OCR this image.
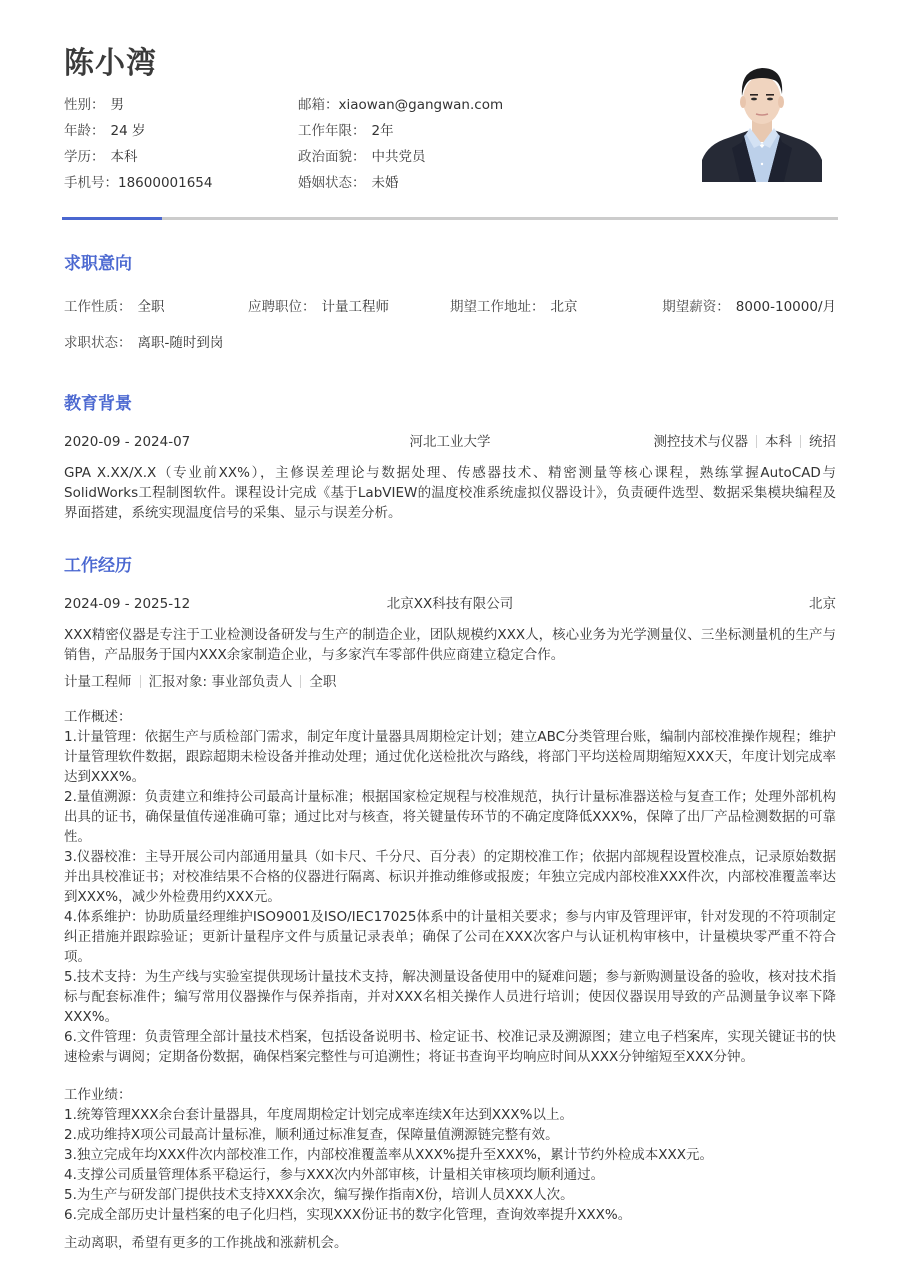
陈小湾
性别： 男
年龄： 24 岁
学历： 本科
手机号：18600001654
邮箱：xiaowan@gangwan.com
工作年限： 2年
政治面貌： 中共党员
婚姻状态： 未婚
求职意向
工作性质： 全职	应聘职位： 计量工程师	期望工作地址： 北京	期望薪资： 8000-10000/月
求职状态： 离职-随时到岗
教育背景
2020-09 - 2024-07	河北工业大学	测控技术与仪器 本科 统招
GPA X.XX/X.X（专业前XX%），主修误差理论与数据处理、传感器技术、精密测量等核心课程，熟练掌握AutoCAD与SolidWorks工程制图软件。课程设计完成《基于LabVIEW的温度校准系统虚拟仪器设计》，负责硬件选型、数据采集模块编程及界面搭建，系统实现温度信号的采集、显示与误差分析。
工作经历
2024-09 - 2025-12	北京XX科技有限公司	北京
XXX精密仪器是专注于工业检测设备研发与生产的制造企业，团队规模约XXX人，核心业务为光学测量仪、三坐标测量机的生产与销售，产品服务于国内XXX余家制造企业，与多家汽车零部件供应商建立稳定合作。
计量工程师 汇报对象: 事业部负责人 全职
工作概述：
1.计量管理：依据生产与质检部门需求，制定年度计量器具周期检定计划；建立ABC分类管理台账，编制内部校准操作规程；维护计量管理软件数据，跟踪超期未检设备并推动处理；通过优化送检批次与路线，将部门平均送检周期缩短XXX天，年度计划完成率达到XXX%。
2.量值溯源：负责建立和维持公司最高计量标准；根据国家检定规程与校准规范，执行计量标准器送检与复查工作；处理外部机构出具的证书，确保量值传递准确可靠；通过比对与核查，将关键量传环节的不确定度降低XXX%，保障了出厂产品检测数据的可靠性。
3.仪器校准：主导开展公司内部通用量具（如卡尺、千分尺、百分表）的定期校准工作；依据内部规程设置校准点，记录原始数据并出具校准证书；对校准结果不合格的仪器进行隔离、标识并推动维修或报废；年独立完成内部校准XXX件次，内部校准覆盖率达到XXX%，减少外检费用约XXX元。
4.体系维护：协助质量经理维护ISO9001及ISO/IEC17025体系中的计量相关要求；参与内审及管理评审，针对发现的不符项制定纠正措施并跟踪验证；更新计量程序文件与质量记录表单；确保了公司在XXX次客户与认证机构审核中，计量模块零严重不符合项。
5.技术支持：为生产线与实验室提供现场计量技术支持，解决测量设备使用中的疑难问题；参与新购测量设备的验收，核对技术指标与配套标准件；编写常用仪器操作与保养指南，并对XXX名相关操作人员进行培训；使因仪器误用导致的产品测量争议率下降XXX%。
6.文件管理：负责管理全部计量技术档案，包括设备说明书、检定证书、校准记录及溯源图；建立电子档案库，实现关键证书的快速检索与调阅；定期备份数据，确保档案完整性与可追溯性；将证书查询平均响应时间从XXX分钟缩短至XXX分钟。
工作业绩：
1.统筹管理XXX余台套计量器具，年度周期检定计划完成率连续X年达到XXX%以上。
2.成功维持X项公司最高计量标准，顺利通过标准复查，保障量值溯源链完整有效。
3.独立完成年均XXX件次内部校准工作，内部校准覆盖率从XXX%提升至XXX%，累计节约外检成本XXX元。
4.支撑公司质量管理体系平稳运行，参与XXX次内外部审核，计量相关审核项均顺利通过。
5.为生产与研发部门提供技术支持XXX余次，编写操作指南X份，培训人员XXX人次。
6.完成全部历史计量档案的电子化归档，实现XXX份证书的数字化管理，查询效率提升XXX%。
主动离职，希望有更多的工作挑战和涨薪机会。
